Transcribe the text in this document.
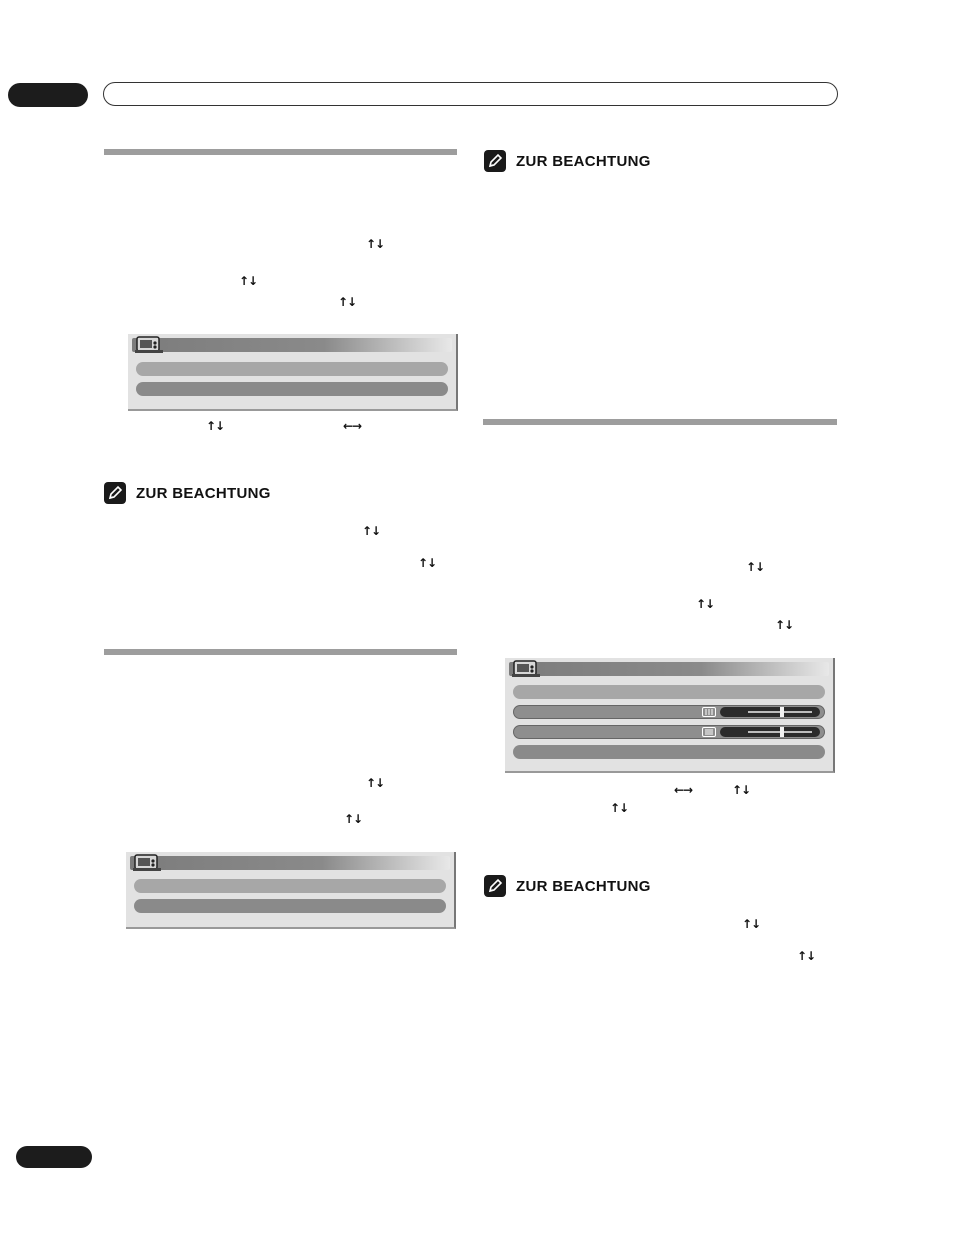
↑↓
↑↓
↑↓
↑↓	←→
ZUR BEACHTUNG
↑↓
↑↓
↑↓
↑↓
ZUR BEACHTUNG
↑↓
↑↓
↑↓
←→	↑↓
↑↓
ZUR BEACHTUNG
↑↓
↑↓
